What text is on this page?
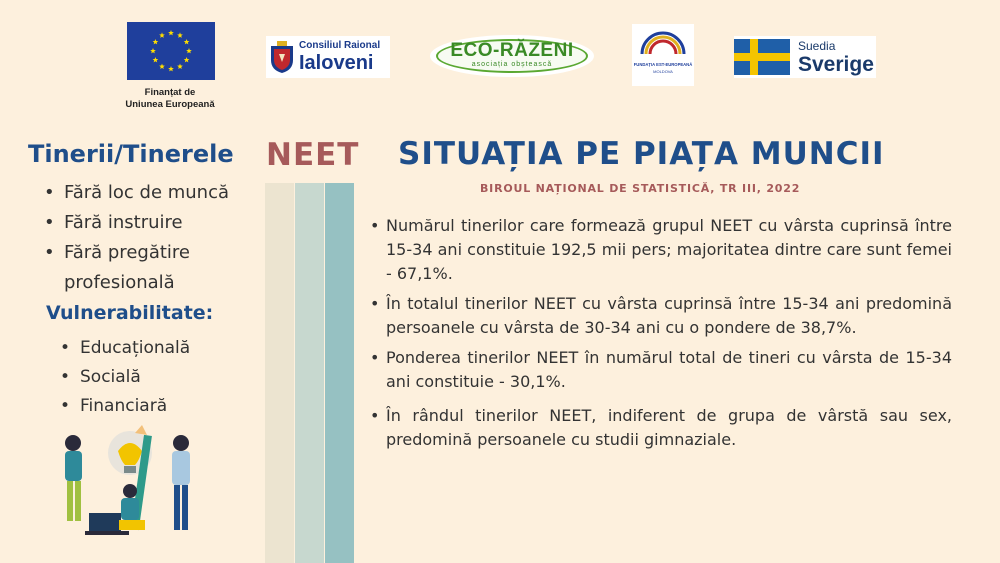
Finanțat de
Uniunea Europeană
Consiliul Raional
Ialoveni
ECO-RĂZENI
asociația obștească	FUNDAȚIA EST-EUROPEANĂ
MOLDOVA
Suedia
Sverige
Tinerii/Tinerele NEET
• Fără loc de muncă
• Fără instruire
• Fără pregătire
profesională
Vulnerabilitate:
• Educațională
• Socială
• Financiară
SITUAȚIA PE PIAȚA MUNCII
BIROUL NAȚIONAL DE STATISTICĂ, TR III, 2022
• Numărul tinerilor care formează grupul NEET cu vârsta cuprinsă între 15-34 ani constituie 192,5 mii pers; majoritatea dintre care sunt femei - 67,1%.
• În totalul tinerilor NEET cu vârsta cuprinsă între 15-34 ani predomină persoanele cu vârsta de 30-34 ani cu o pondere de 38,7%.
• Ponderea tinerilor NEET în numărul total de tineri cu vârsta de 15-34 ani constituie - 30,1%.
• În rândul tinerilor NEET, indiferent de grupa de vârstă sau sex, predomină persoanele cu studii gimnaziale.
